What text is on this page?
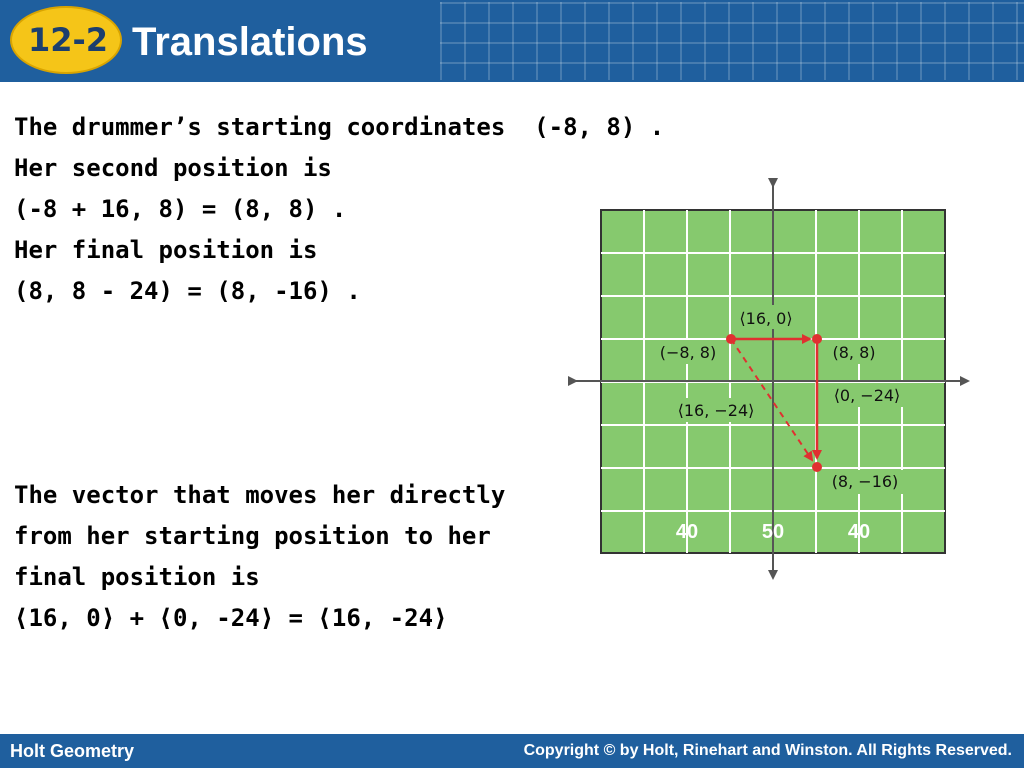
12-2 Translations
The drummer’s starting coordinates  (-8, 8) .
Her second position is
(-8 + 16, 8) = (8, 8) .
Her final position is
(8, 8 - 24) = (8, -16) .
The vector that moves her directly
from her starting position to her
final position is
⟨16, 0⟩ + ⟨0, -24⟩ = ⟨16, -24⟩
40	50	40
⟨16, 0⟩
(−8, 8)	(8, 8)
⟨0, −24⟩
⟨16, −24⟩
(8, −16)
Holt Geometry	Copyright © by Holt, Rinehart and Winston. All Rights Reserved.
